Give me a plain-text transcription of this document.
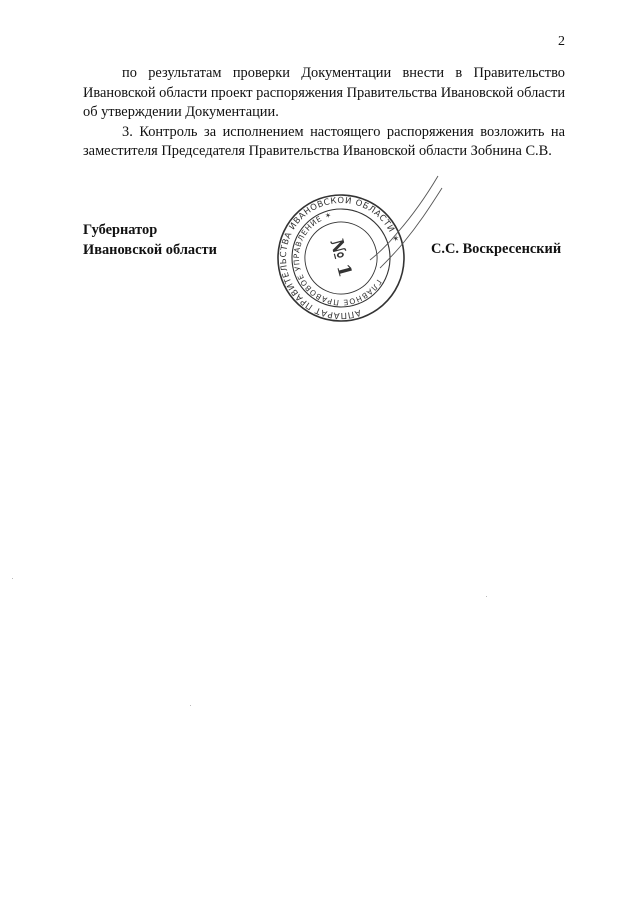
2

по результатам проверки Документации внести в Правительство Ивановской области проект распоряжения Правительства Ивановской области об утверждении Документации.

3. Контроль за исполнением настоящего распоряжения возложить на заместителя Председателя Правительства Ивановской области Зобнина С.В.

Губернатор
Ивановской области
АППАРАТ ПРАВИТЕЛЬСТВА ИВАНОВСКОЙ ОБЛАСТИ ✶
ГЛАВНОЕ ПРАВОВОЕ УПРАВЛЕНИЕ ✶
№ 1	С.С. Воскресенский
